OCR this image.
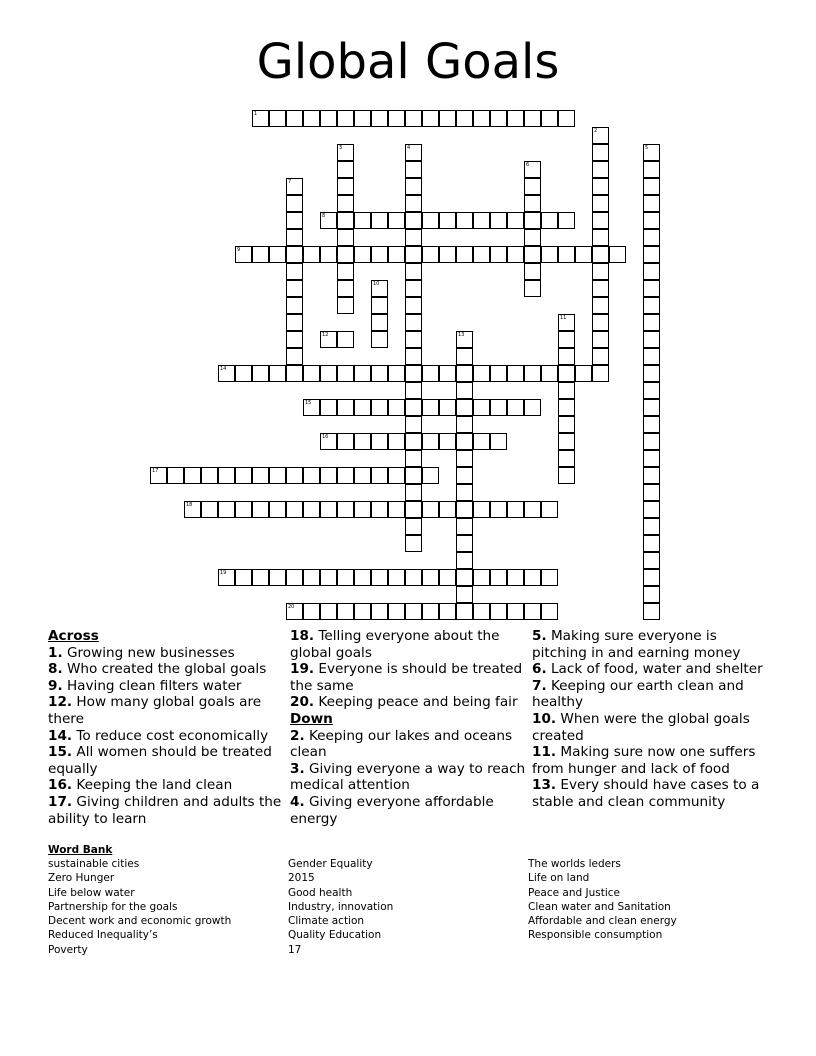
Global Goals
1
8
9
12
14
15
16
17
18
19
20
2
3	4	5
6
7
10
11
13
Across
1. Growing new businesses
8. Who created the global goals
9. Having clean filters water
12. How many global goals are there
14. To reduce cost economically
15. All women should be treated equally
16. Keeping the land clean
17. Giving children and adults the ability to learn
18. Telling everyone about the global goals
19. Everyone is should be treated the same
20. Keeping peace and being fair
Down
2. Keeping our lakes and oceans clean
3. Giving everyone a way to reach medical attention
4. Giving everyone affordable energy
5. Making sure everyone is pitching in and earning money
6. Lack of food, water and shelter
7. Keeping our earth clean and healthy
10. When were the global goals created
11. Making sure now one suffers from hunger and lack of food
13. Every should have cases to a stable and clean community
Word Bank
sustainable cities
Zero Hunger
Life below water
Partnership for the goals
Decent work and economic growth
Reduced Inequality’s
Poverty
Gender Equality
2015
Good health
Industry, innovation
Climate action
Quality Education
17
The worlds leders
Life on land
Peace and Justice
Clean water and Sanitation
Affordable and clean energy
Responsible consumption
